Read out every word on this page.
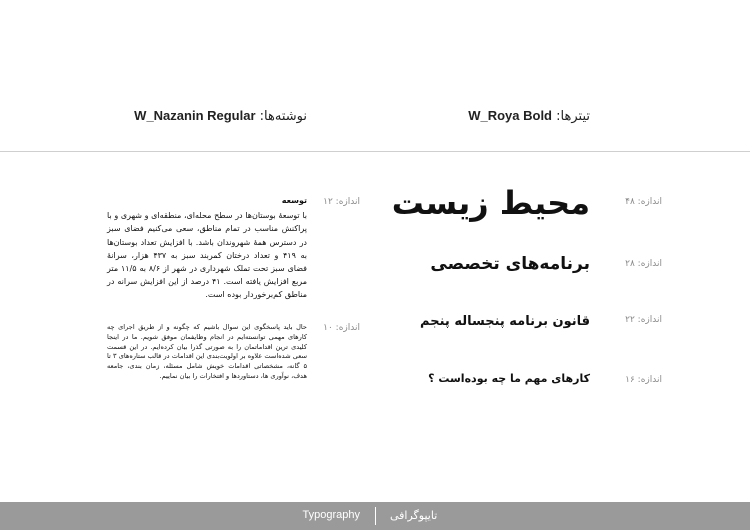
تیترها: W_Roya Bold
نوشته‌ها: W_Nazanin Regular
اندازه: ۴۸
محیط زیست
اندازه: ۲۸
برنامه‌های تخصصی
اندازه: ۲۲
قانون برنامه پنجساله پنجم
اندازه: ۱۶
کارهای مهم ما چه بوده‌است ؟
اندازه: ۱۲

توسعه

با توسعهٔ بوستان‌ها در سطح محله‌ای، منطقه‌ای و شهری و با پراکنش مناسب در تمام مناطق، سعی می‌کنیم فضای سبز در دسترس همهٔ شهروندان باشد. با افزایش تعداد بوستان‌ها به ۴۱۹ و تعداد درختان کمربند سبز به ۴۳۷ هزار، سرانهٔ فضای سبز تحت تملک شهرداری در شهر از ۸/۶ به ۱۱/۵ متر مربع افزایش یافته است. ۴۱ درصد از این افزایش سرانه در مناطق کم‌برخوردار بوده است.

اندازه: ۱۰

حال باید پاسخگوی این سوال باشیم که چگونه و از طریق اجرای چه کارهای مهمی توانسته‌ایم در انجام وظایفمان موفق شویم. ما در اینجا کلیدی ترین اقداماتمان را به صورتی گذرا بیان کرده‌ایم. در این قسمت سعی شده‌است علاوه بر اولویت‌بندی این اقدامات در قالب ستاره‌های ۳ تا ۵ گانه، مشخصاتی اقدامات خویش شامل مسئله، زمان بندی، جامعه هدف، نوآوری ها، دستاوردها و افتخارات را بیان نماییم.

Typography	تایپوگرافی
